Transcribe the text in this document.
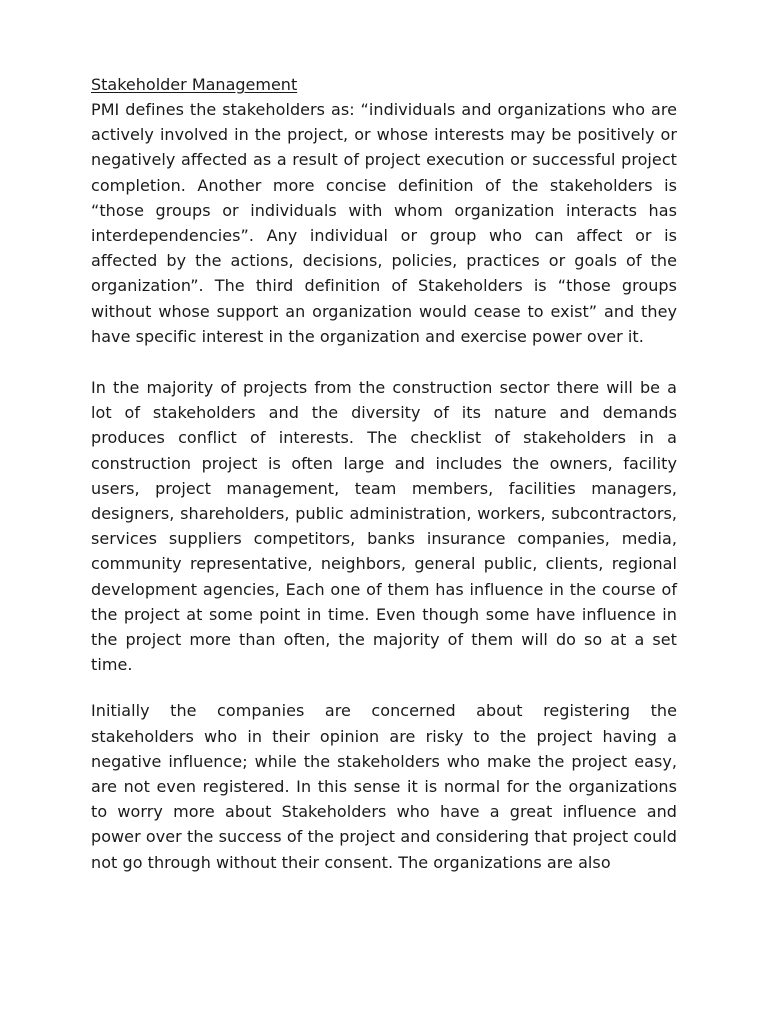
Stakeholder Management

PMI defines the stakeholders as: “individuals and organizations who are actively involved in the project, or whose interests may be positively or negatively affected as a result of project execution or successful project completion. Another more concise definition of the stakeholders is “those groups or individuals with whom organization interacts has interdependencies”. Any individual or group who can affect or is affected by the actions, decisions, policies, practices or goals of the organization”. The third definition of Stakeholders is “those groups without whose support an organization would cease to exist” and they have specific interest in the organization and exercise power over it.

In the majority of projects from the construction sector there will be a lot of stakeholders and the diversity of its nature and demands produces conflict of interests. The checklist of stakeholders in a construction project is often large and includes the owners, facility users, project management, team members, facilities managers, designers, shareholders, public administration, workers, subcontractors, services suppliers competitors, banks insurance companies, media, community representative, neighbors, general public, clients, regional development agencies, Each one of them has influence in the course of the project at some point in time. Even though some have influence in the project more than often, the majority of them will do so at a set time.

Initially the companies are concerned about registering the stakeholders who in their opinion are risky to the project having a negative influence; while the stakeholders who make the project easy, are not even registered. In this sense it is normal for the organizations to worry more about Stakeholders who have a great influence and power over the success of the project and considering that project could not go through without their consent. The organizations are also
